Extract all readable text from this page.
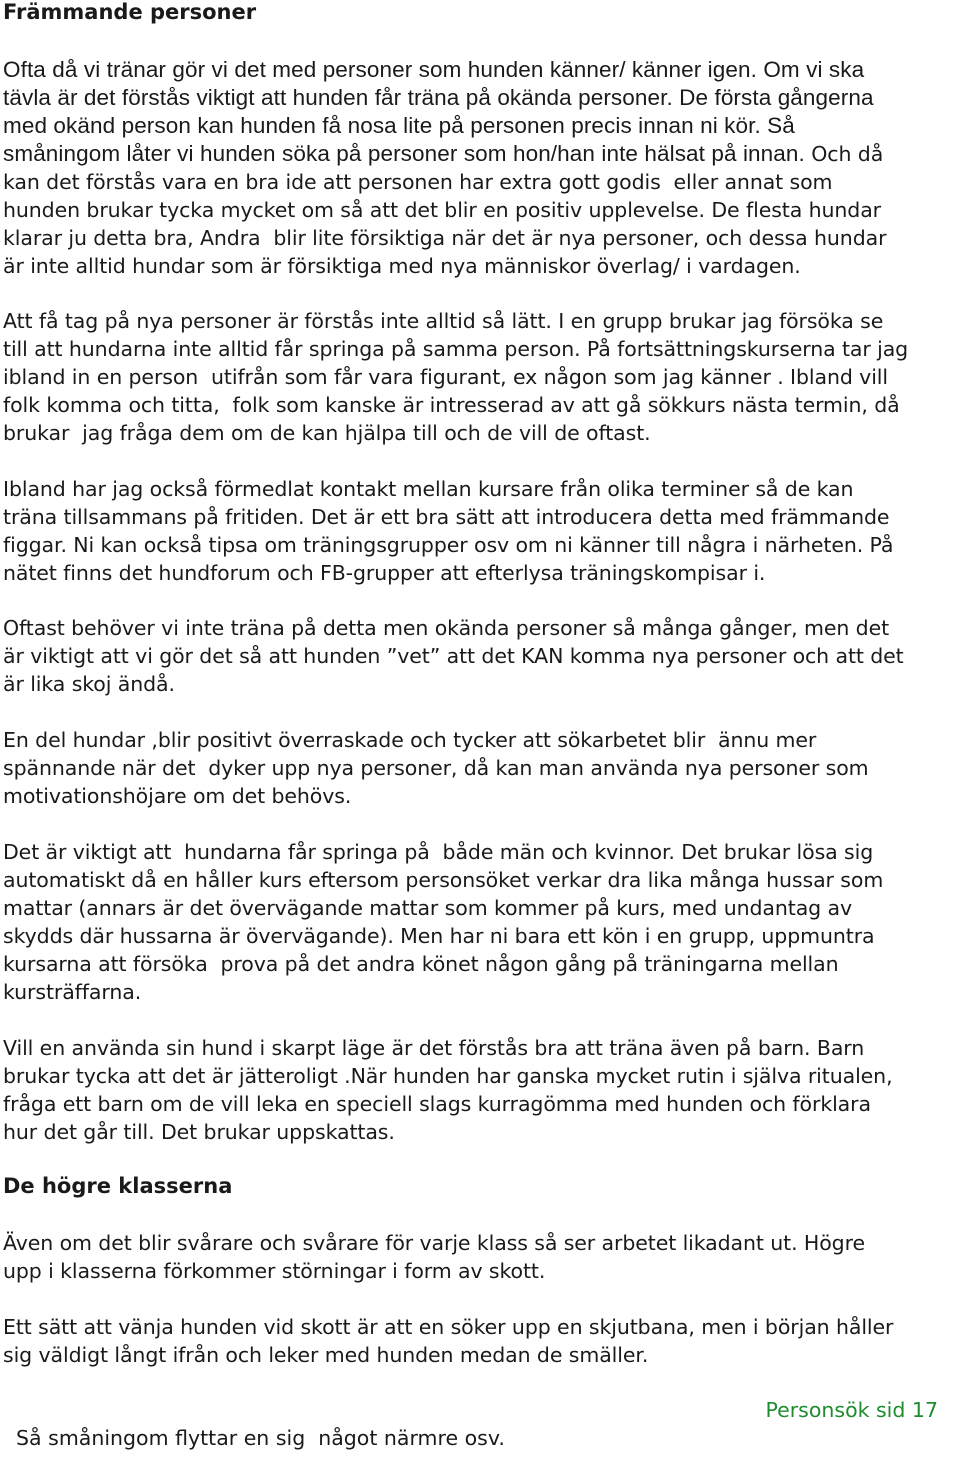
Främmande personer

Ofta då vi tränar gör vi det med personer som hunden känner/ känner igen. Om vi ska
tävla är det förstås viktigt att hunden får träna på okända personer. De första gångerna
med okänd person kan hunden få nosa lite på personen precis innan ni kör. Så
småningom låter vi hunden söka på personer som hon/han inte hälsat på innan. Och då
kan det förstås vara en bra ide att personen har extra gott godis  eller annat som
hunden brukar tycka mycket om så att det blir en positiv upplevelse. De flesta hundar
klarar ju detta bra, Andra  blir lite försiktiga när det är nya personer, och dessa hundar
är inte alltid hundar som är försiktiga med nya människor överlag/ i vardagen.

Att få tag på nya personer är förstås inte alltid så lätt. I en grupp brukar jag försöka se
till att hundarna inte alltid får springa på samma person. På fortsättningskurserna tar jag
ibland in en person  utifrån som får vara figurant, ex någon som jag känner . Ibland vill
folk komma och titta,  folk som kanske är intresserad av att gå sökkurs nästa termin, då
brukar  jag fråga dem om de kan hjälpa till och de vill de oftast.

Ibland har jag också förmedlat kontakt mellan kursare från olika terminer så de kan
träna tillsammans på fritiden. Det är ett bra sätt att introducera detta med främmande
figgar. Ni kan också tipsa om träningsgrupper osv om ni känner till några i närheten. På
nätet finns det hundforum och FB-grupper att efterlysa träningskompisar i.

Oftast behöver vi inte träna på detta men okända personer så många gånger, men det
är viktigt att vi gör det så att hunden ”vet” att det KAN komma nya personer och att det
är lika skoj ändå.

En del hundar ,blir positivt överraskade och tycker att sökarbetet blir  ännu mer
spännande när det  dyker upp nya personer, då kan man använda nya personer som
motivationshöjare om det behövs.

Det är viktigt att  hundarna får springa på  både män och kvinnor. Det brukar lösa sig
automatiskt då en håller kurs eftersom personsöket verkar dra lika många hussar som
mattar (annars är det övervägande mattar som kommer på kurs, med undantag av
skydds där hussarna är övervägande). Men har ni bara ett kön i en grupp, uppmuntra
kursarna att försöka  prova på det andra könet någon gång på träningarna mellan
kursträffarna.

Vill en använda sin hund i skarpt läge är det förstås bra att träna även på barn. Barn
brukar tycka att det är jätteroligt .När hunden har ganska mycket rutin i själva ritualen,
fråga ett barn om de vill leka en speciell slags kurragömma med hunden och förklara
hur det går till. Det brukar uppskattas.

De högre klasserna

Även om det blir svårare och svårare för varje klass så ser arbetet likadant ut. Högre
upp i klasserna förkommer störningar i form av skott.

Ett sätt att vänja hunden vid skott är att en söker upp en skjutbanа, men i början håller
sig väldigt långt ifrån och leker med hunden medan de smäller.

Så småningom flyttar en sig  något närmre osv.

Personsök sid 17
